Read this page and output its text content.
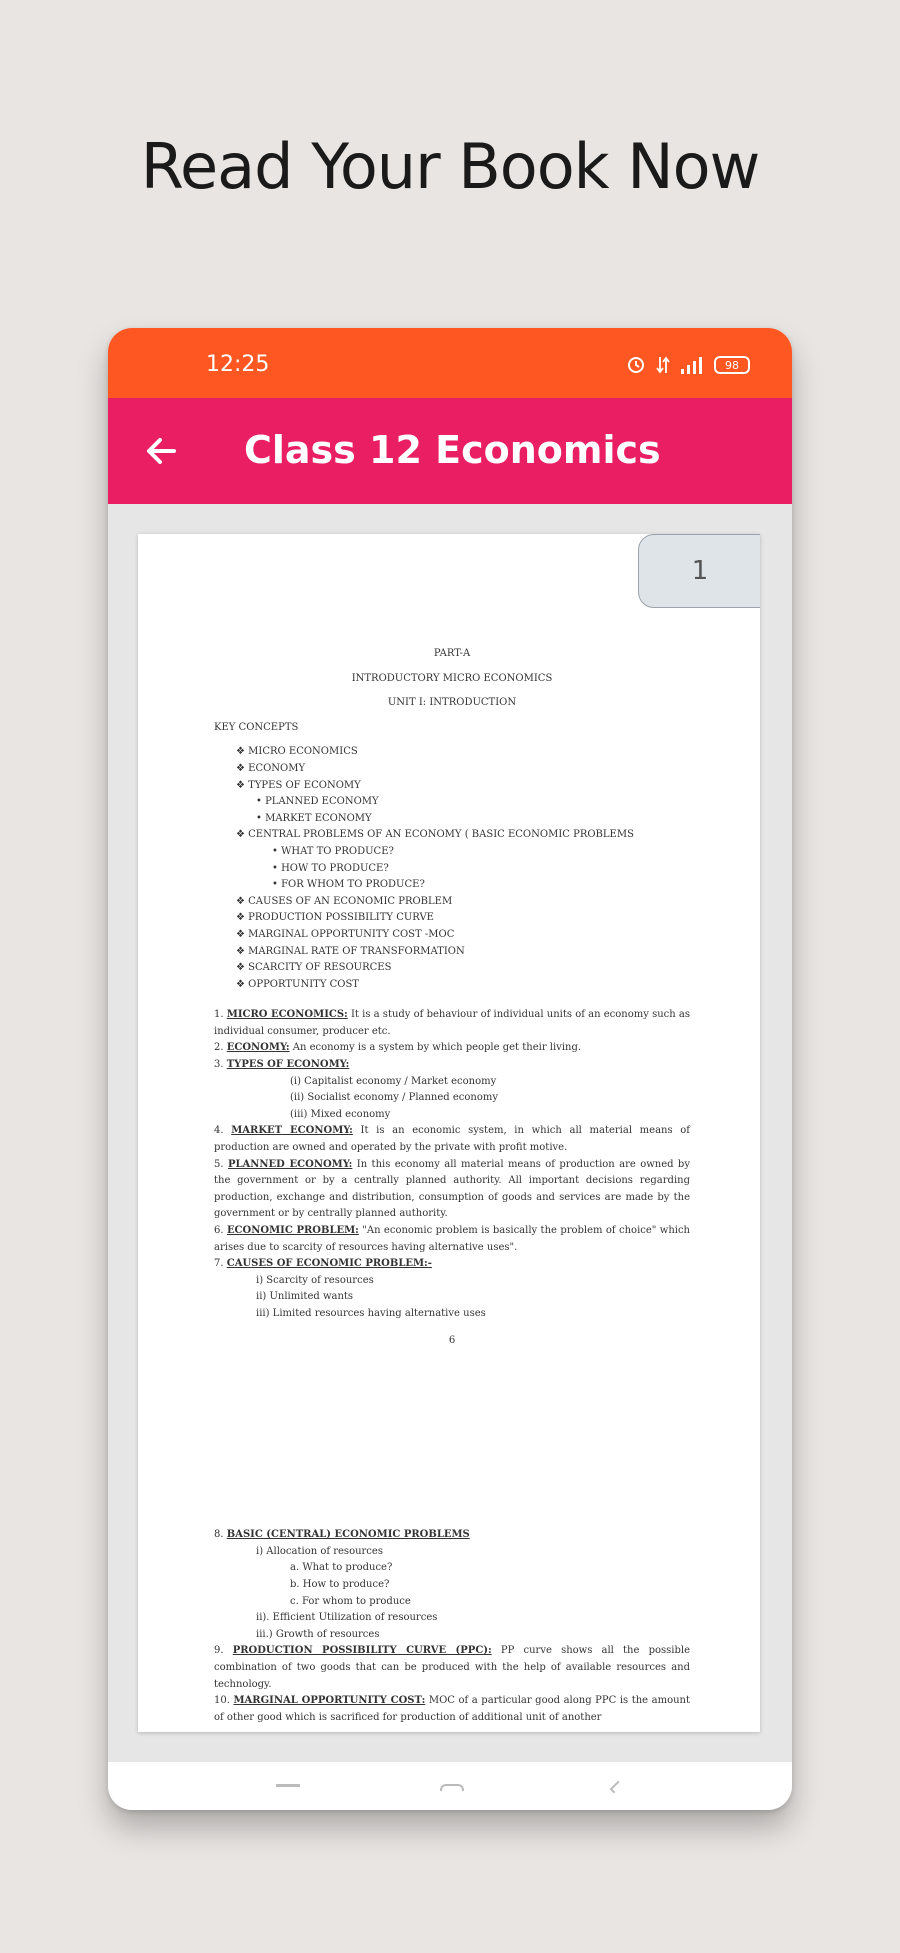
Read Your Book Now
12:25	98
Class 12 Economics
1
PART-A
INTRODUCTORY MICRO ECONOMICS
UNIT I: INTRODUCTION
KEY CONCEPTS
❖ MICRO ECONOMICS
❖ ECONOMY
❖ TYPES OF ECONOMY
• PLANNED ECONOMY
• MARKET ECONOMY
❖ CENTRAL PROBLEMS OF AN ECONOMY ( BASIC ECONOMIC PROBLEMS
• WHAT TO PRODUCE?
• HOW TO PRODUCE?
• FOR WHOM TO PRODUCE?
❖ CAUSES OF AN ECONOMIC PROBLEM
❖ PRODUCTION POSSIBILITY CURVE
❖ MARGINAL OPPORTUNITY COST -MOC
❖ MARGINAL RATE OF TRANSFORMATION
❖ SCARCITY OF RESOURCES
❖ OPPORTUNITY COST
1. MICRO ECONOMICS: It is a study of behaviour of individual units of an economy such as individual consumer, producer etc.
2. ECONOMY: An economy is a system by which people get their living.
3. TYPES OF ECONOMY:
(i) Capitalist economy / Market economy
(ii) Socialist economy / Planned economy
(iii) Mixed economy
4. MARKET ECONOMY: It is an economic system, in which all material means of production are owned and operated by the private with profit motive.
5. PLANNED ECONOMY: In this economy all material means of production are owned by the government or by a centrally planned authority. All important decisions regarding production, exchange and distribution, consumption of goods and services are made by the government or by centrally planned authority.
6. ECONOMIC PROBLEM: "An economic problem is basically the problem of choice" which arises due to scarcity of resources having alternative uses".
7. CAUSES OF ECONOMIC PROBLEM:-
i) Scarcity of resources
ii) Unlimited wants
iii) Limited resources having alternative uses
6
8. BASIC (CENTRAL) ECONOMIC PROBLEMS
i) Allocation of resources
a. What to produce?
b. How to produce?
c. For whom to produce
ii). Efficient Utilization of resources
iii.) Growth of resources
9. PRODUCTION POSSIBILITY CURVE (PPC): PP curve shows all the possible combination of two goods that can be produced with the help of available resources and technology.
10. MARGINAL OPPORTUNITY COST: MOC of a particular good along PPC is the amount of other good which is sacrificed for production of additional unit of another
